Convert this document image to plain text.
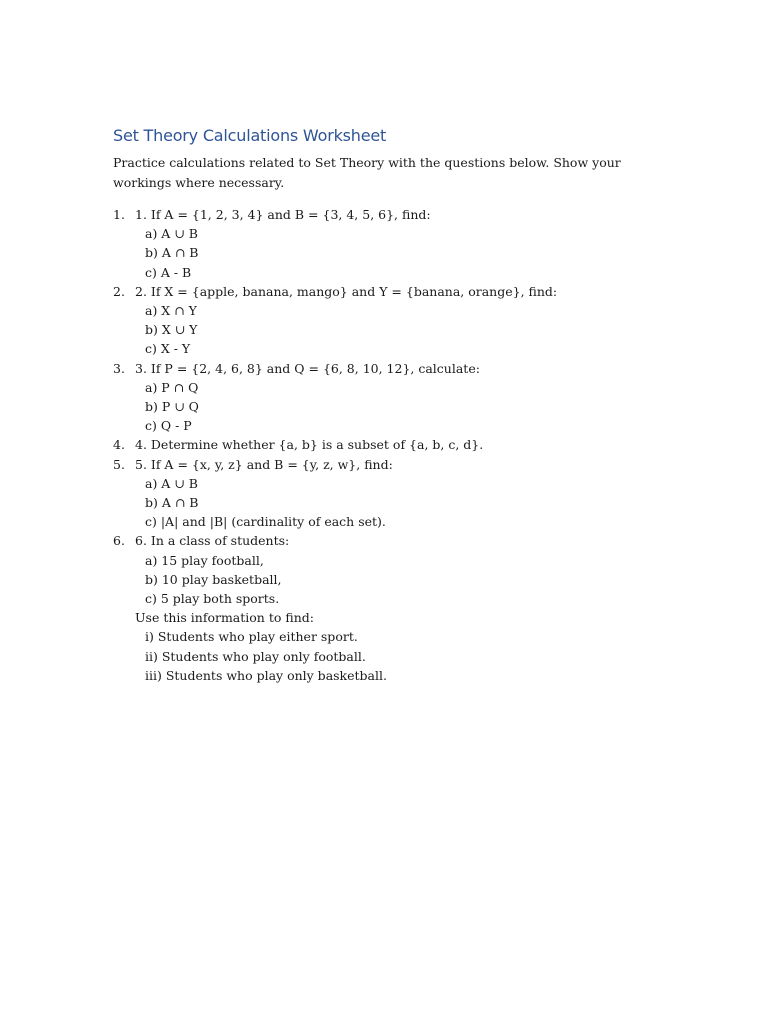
Set Theory Calculations Worksheet

Practice calculations related to Set Theory with the questions below. Show your workings where necessary.

1. 1. If A = {1, 2, 3, 4} and B = {3, 4, 5, 6}, find:
a) A ∪ B
b) A ∩ B
c) A - B
2. 2. If X = {apple, banana, mango} and Y = {banana, orange}, find:
a) X ∩ Y
b) X ∪ Y
c) X - Y
3. 3. If P = {2, 4, 6, 8} and Q = {6, 8, 10, 12}, calculate:
a) P ∩ Q
b) P ∪ Q
c) Q - P
4. 4. Determine whether {a, b} is a subset of {a, b, c, d}.
5. 5. If A = {x, y, z} and B = {y, z, w}, find:
a) A ∪ B
b) A ∩ B
c) |A| and |B| (cardinality of each set).
6. 6. In a class of students:
a) 15 play football,
b) 10 play basketball,
c) 5 play both sports.
Use this information to find:
i) Students who play either sport.
ii) Students who play only football.
iii) Students who play only basketball.
